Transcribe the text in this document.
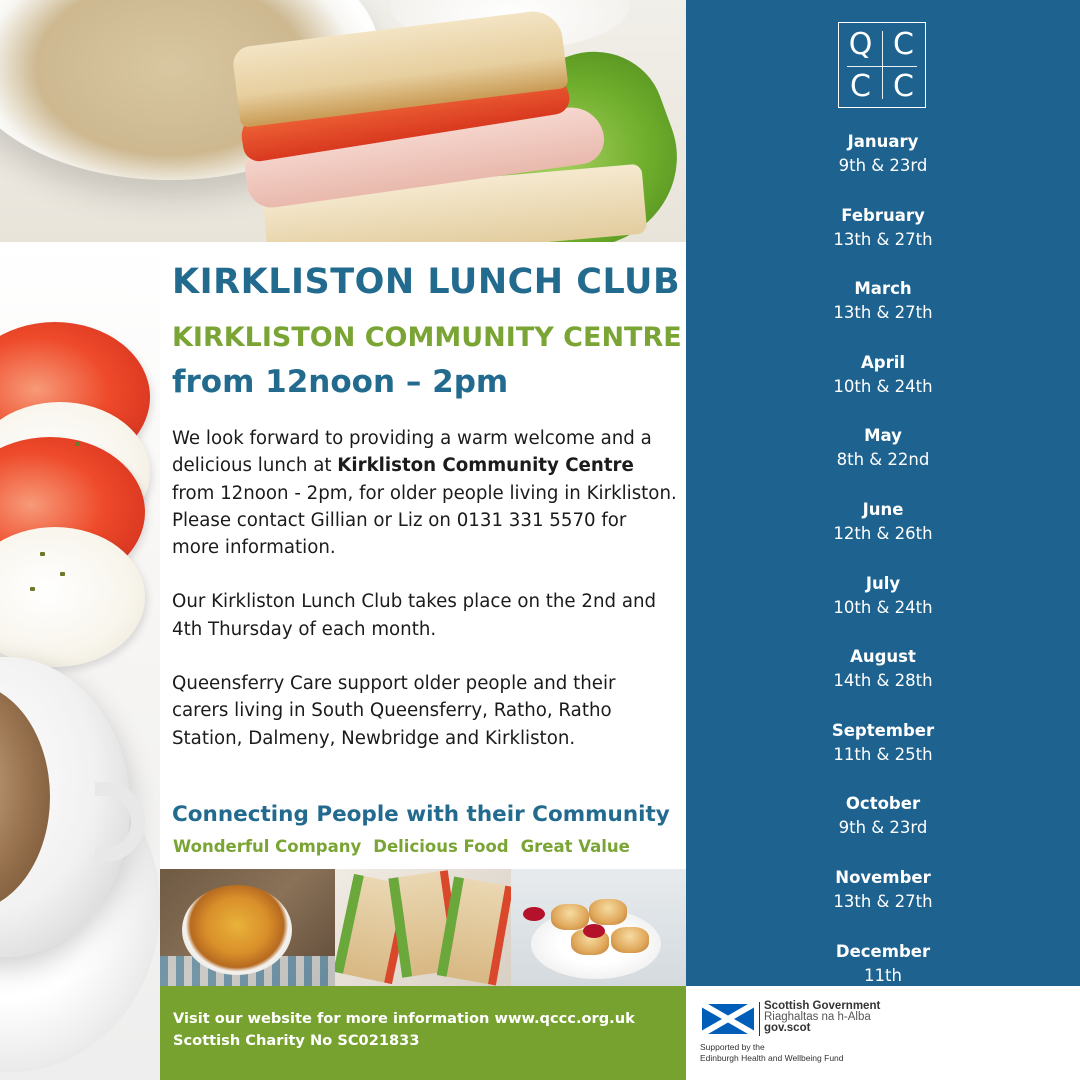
KIRKLISTON LUNCH CLUB
KIRKLISTON COMMUNITY CENTRE
from 12noon – 2pm

We look forward to providing a warm welcome and a delicious lunch at Kirkliston Community Centre from 12noon - 2pm, for older people living in Kirkliston. Please contact Gillian or Liz on 0131 331 5570 for more information.

Our Kirkliston Lunch Club takes place on the 2nd and 4th Thursday of each month.

Queensferry Care support older people and their carers living in South Queensferry, Ratho, Ratho Station, Dalmeny, Newbridge and Kirkliston.

Connecting People with their Community
Wonderful Company Delicious Food Great Value
Visit our website for more information www.qccc.org.uk
Scottish Charity No SC021833
Q C
C C
January
9th & 23rd
February
13th & 27th
March
13th & 27th
April
10th & 24th
May
8th & 22nd
June
12th & 26th
July
10th & 24th
August
14th & 28th
September
11th & 25th
October
9th & 23rd
November
13th & 27th
December
11th
Scottish Government
Riaghaltas na h-Alba
gov.scot
Supported by the
Edinburgh Health and Wellbeing Fund
